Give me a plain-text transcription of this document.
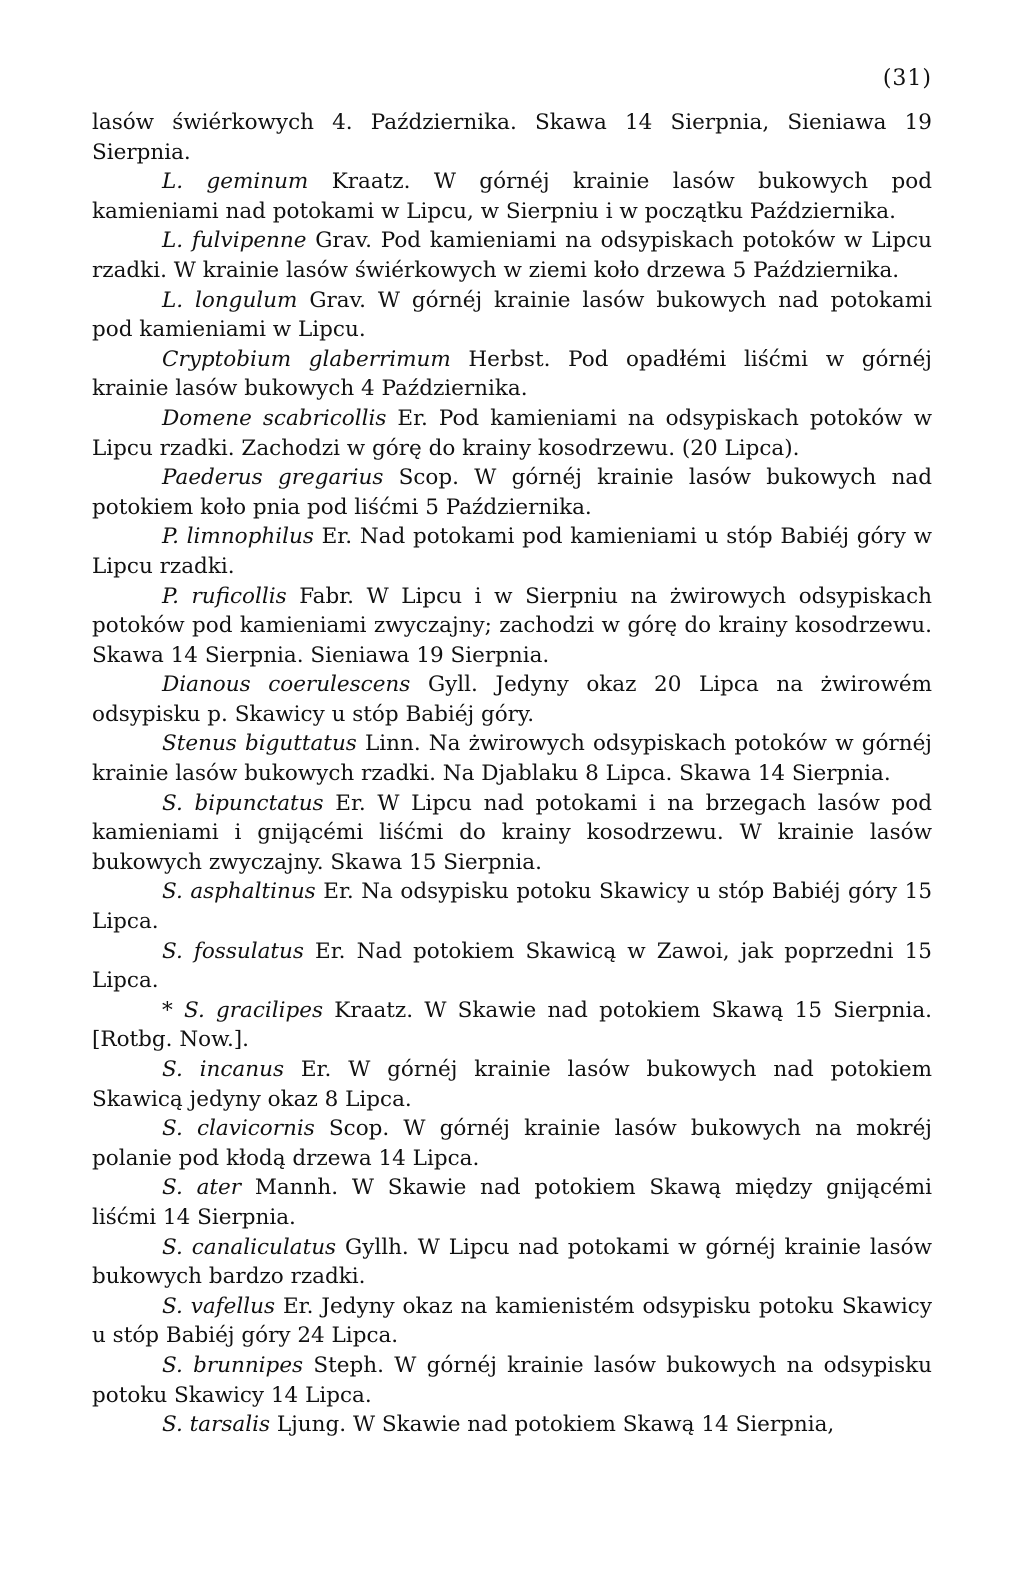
(31)

lasów świérkowych 4. Października. Skawa 14 Sierpnia, Sieniawa 19 Sierpnia.

L. geminum Kraatz. W górnéj krainie lasów bukowych pod kamieniami nad potokami w Lipcu, w Sierpniu i w początku Października.

L. fulvipenne Grav. Pod kamieniami na odsypiskach potoków w Lipcu rzadki. W krainie lasów świérkowych w ziemi koło drzewa 5 Października.

L. longulum Grav. W górnéj krainie lasów bukowych nad potokami pod kamieniami w Lipcu.

Cryptobium glaberrimum Herbst. Pod opadłémi liśćmi w górnéj krainie lasów bukowych 4 Października.

Domene scabricollis Er. Pod kamieniami na odsypiskach potoków w Lipcu rzadki. Zachodzi w górę do krainy kosodrzewu. (20 Lipca).

Paederus gregarius Scop. W górnéj krainie lasów bukowych nad potokiem koło pnia pod liśćmi 5 Października.

P. limnophilus Er. Nad potokami pod kamieniami u stóp Babiéj góry w Lipcu rzadki.

P. ruficollis Fabr. W Lipcu i w Sierpniu na żwirowych odsypiskach potoków pod kamieniami zwyczajny; zachodzi w górę do krainy kosodrzewu. Skawa 14 Sierpnia. Sieniawa 19 Sierpnia.

Dianous coerulescens Gyll. Jedyny okaz 20 Lipca na żwirowém odsypisku p. Skawicy u stóp Babiéj góry.

Stenus biguttatus Linn. Na żwirowych odsypiskach potoków w górnéj krainie lasów bukowych rzadki. Na Djablaku 8 Lipca. Skawa 14 Sierpnia.

S. bipunctatus Er. W Lipcu nad potokami i na brzegach lasów pod kamieniami i gnijącémi liśćmi do krainy kosodrzewu. W krainie lasów bukowych zwyczajny. Skawa 15 Sierpnia.

S. asphaltinus Er. Na odsypisku potoku Skawicy u stóp Babiéj góry 15 Lipca.

S. fossulatus Er. Nad potokiem Skawicą w Zawoi, jak poprzedni 15 Lipca.

* S. gracilipes Kraatz. W Skawie nad potokiem Skawą 15 Sierpnia. [Rotbg. Now.].

S. incanus Er. W górnéj krainie lasów bukowych nad potokiem Skawicą jedyny okaz 8 Lipca.

S. clavicornis Scop. W górnéj krainie lasów bukowych na mokréj polanie pod kłodą drzewa 14 Lipca.

S. ater Mannh. W Skawie nad potokiem Skawą między gnijącémi liśćmi 14 Sierpnia.

S. canaliculatus Gyllh. W Lipcu nad potokami w górnéj krainie lasów bukowych bardzo rzadki.

S. vafellus Er. Jedyny okaz na kamienistém odsypisku potoku Skawicy u stóp Babiéj góry 24 Lipca.

S. brunnipes Steph. W górnéj krainie lasów bukowych na odsypisku potoku Skawicy 14 Lipca.

S. tarsalis Ljung. W Skawie nad potokiem Skawą 14 Sierpnia,
